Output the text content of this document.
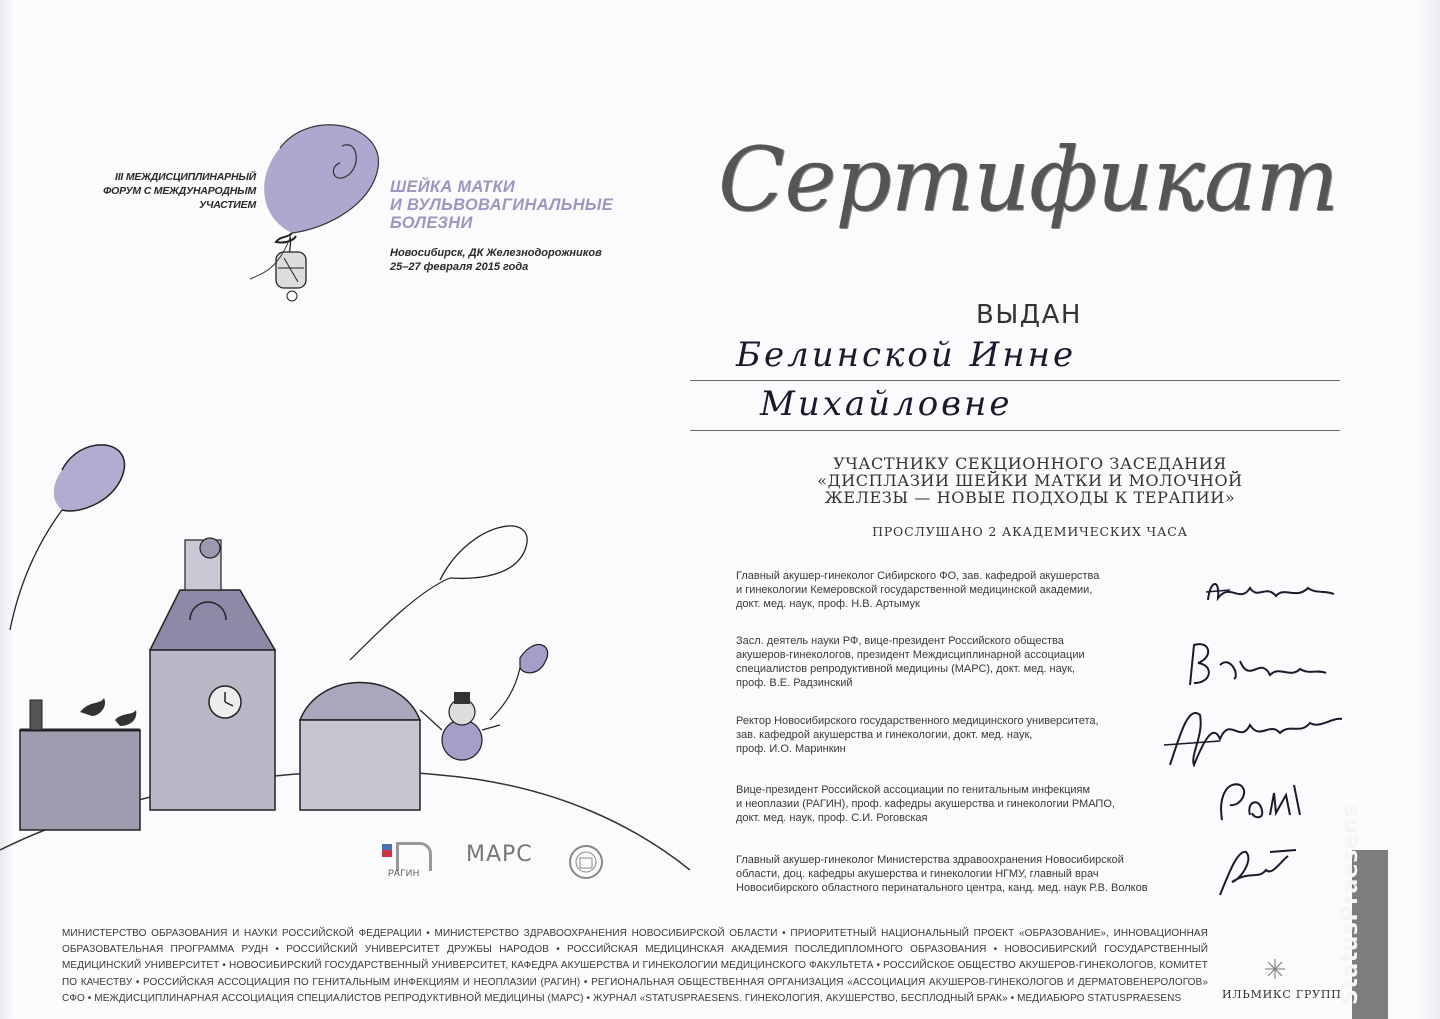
III МЕЖДИСЦИПЛИНАРНЫЙ
ФОРУМ С МЕЖДУНАРОДНЫМ
УЧАСТИЕМ
ШЕЙКА МАТКИ
И ВУЛЬВОВАГИНАЛЬНЫЕ
БОЛЕЗНИ
Новосибирск, ДК Железнодорожников
25–27 февраля 2015 года
Сертификат
ВЫДАН
Белинской Инне
Михайловне
УЧАСТНИКУ СЕКЦИОННОГО ЗАСЕДАНИЯ
«ДИСПЛАЗИИ ШЕЙКИ МАТКИ И МОЛОЧНОЙ
ЖЕЛЕЗЫ — НОВЫЕ ПОДХОДЫ К ТЕРАПИИ»
ПРОСЛУШАНО 2 АКАДЕМИЧЕСКИХ ЧАСА
Главный акушер-гинеколог Сибирского ФО, зав. кафедрой акушерства
и гинекологии Кемеровской государственной медицинской академии,
докт. мед. наук, проф. Н.В. Артымук
Засл. деятель науки РФ, вице-президент Российского общества
акушеров-гинекологов, президент Междисциплинарной ассоциации
специалистов репродуктивной медицины (МАРС), докт. мед. наук,
проф. В.Е. Радзинский
Ректор Новосибирского государственного медицинского университета,
зав. кафедрой акушерства и гинекологии, докт. мед. наук,
проф. И.О. Маринкин
Вице-президент Российской ассоциации по генитальным инфекциям
и неоплазии (РАГИН), проф. кафедры акушерства и гинекологии РМАПО,
докт. мед. наук, проф. С.И. Роговская
Главный акушер-гинеколог Министерства здравоохранения Новосибирской
области, доц. кафедры акушерства и гинекологии НГМУ, главный врач
Новосибирского областного перинатального центра, канд. мед. наук Р.В. Волков
РАГИН
МАРС
МИНИСТЕРСТВО ОБРАЗОВАНИЯ И НАУКИ РОССИЙСКОЙ ФЕДЕРАЦИИ • МИНИСТЕРСТВО ЗДРАВООХРАНЕНИЯ НОВОСИБИРСКОЙ ОБЛАСТИ • ПРИОРИТЕТНЫЙ НАЦИОНАЛЬНЫЙ ПРОЕКТ «ОБРАЗОВАНИЕ», ИННОВАЦИОННАЯ ОБРАЗОВАТЕЛЬНАЯ ПРОГРАММА РУДН • РОССИЙСКИЙ УНИВЕРСИТЕТ ДРУЖБЫ НАРОДОВ • РОССИЙСКАЯ МЕДИЦИНСКАЯ АКАДЕМИЯ ПОСЛЕДИПЛОМНОГО ОБРАЗОВАНИЯ • НОВОСИБИРСКИЙ ГОСУДАРСТВЕННЫЙ МЕДИЦИНСКИЙ УНИВЕРСИТЕТ • НОВОСИБИРСКИЙ ГОСУДАРСТВЕННЫЙ УНИВЕРСИТЕТ, КАФЕДРА АКУШЕРСТВА И ГИНЕКОЛОГИИ МЕДИЦИНСКОГО ФАКУЛЬТЕТА • РОССИЙСКОЕ ОБЩЕСТВО АКУШЕРОВ-ГИНЕКОЛОГОВ, КОМИТЕТ ПО КАЧЕСТВУ • РОССИЙСКАЯ АССОЦИАЦИЯ ПО ГЕНИТАЛЬНЫМ ИНФЕКЦИЯМ И НЕОПЛАЗИИ (РАГИН) • РЕГИОНАЛЬНАЯ ОБЩЕСТВЕННАЯ ОРГАНИЗАЦИЯ «АССОЦИАЦИЯ АКУШЕРОВ-ГИНЕКОЛОГОВ И ДЕРМАТОВЕНЕРОЛОГОВ» СФО • МЕЖДИСЦИПЛИНАРНАЯ АССОЦИАЦИЯ СПЕЦИАЛИСТОВ РЕПРОДУКТИВНОЙ МЕДИЦИНЫ (МАРС) • ЖУРНАЛ «STATUSPRAESENS. ГИНЕКОЛОГИЯ, АКУШЕРСТВО, БЕСПЛОДНЫЙ БРАК» • МЕДИАБЮРО STATUSPRAESENS	ИЛЬМИКС ГРУПП
StatusPraesens
